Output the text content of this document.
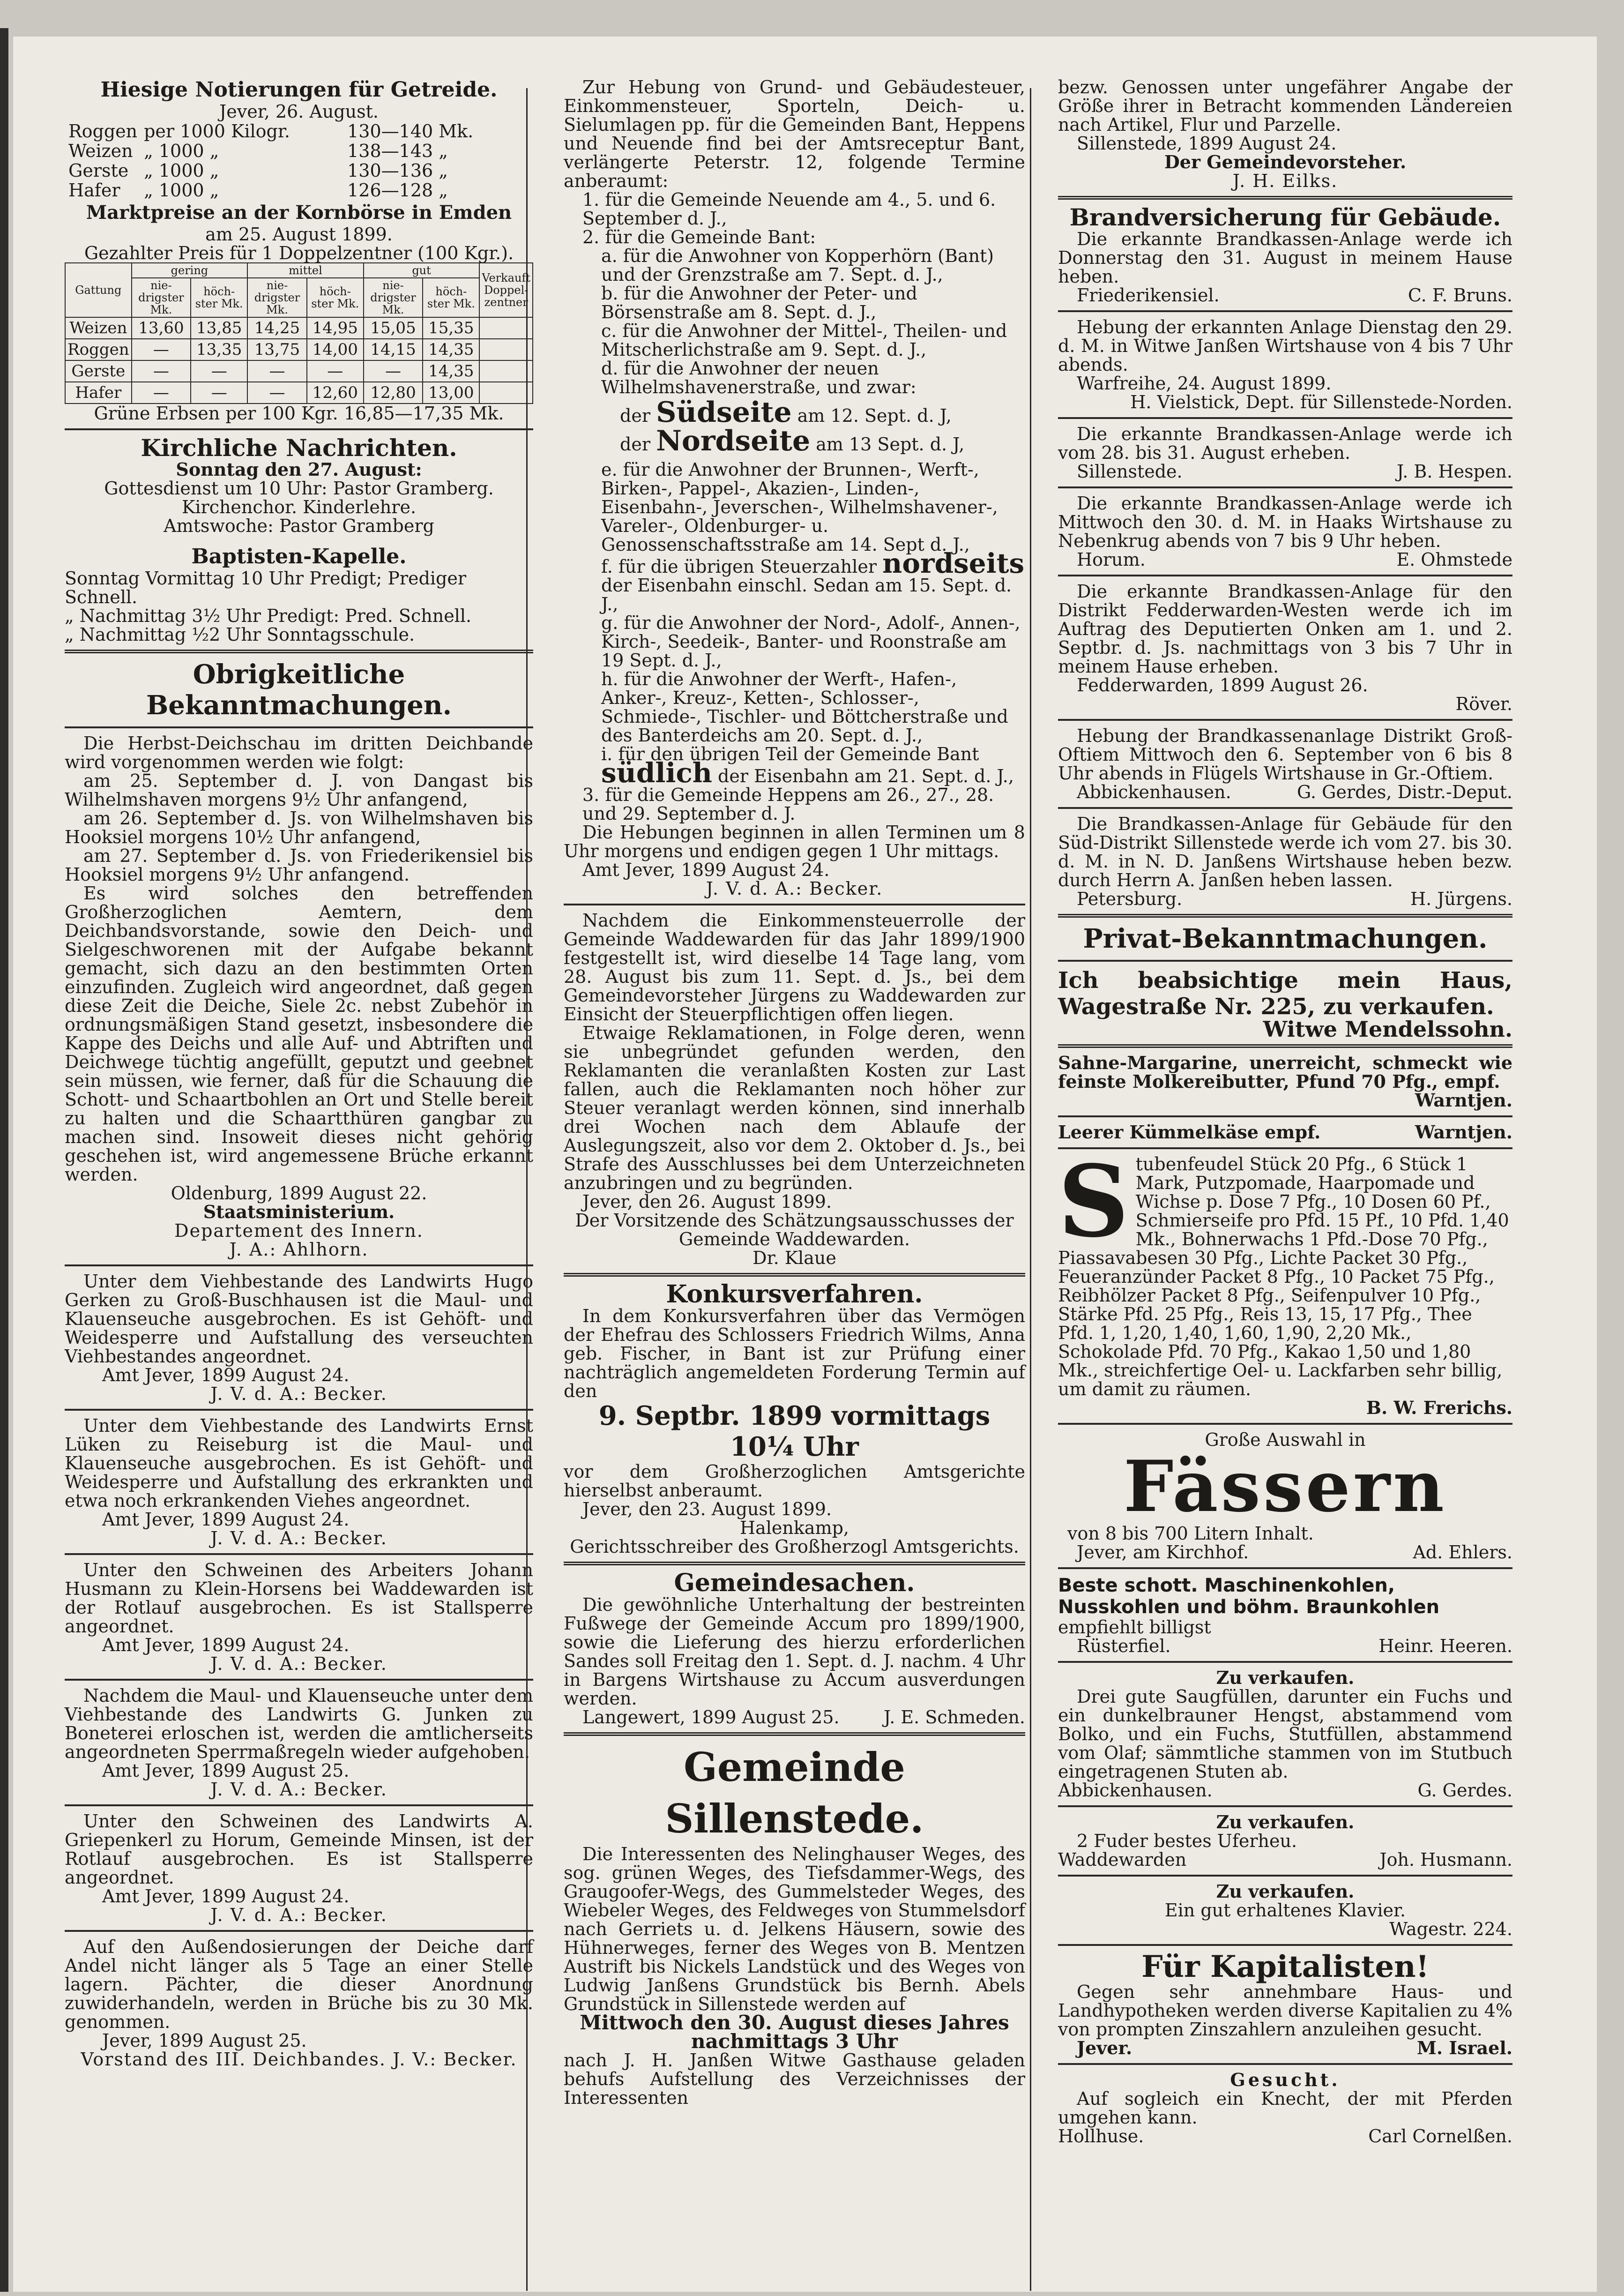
Hiesige Notierungen für Getreide.
Jever, 26. August.
Roggen	per 1000 Kilogr.	130—140 Mk.
Weizen	„ 1000 „	138—143 „
Gerste	„ 1000 „	130—136 „
Hafer	„ 1000 „	126—128 „
Marktpreise an der Kornbörse in Emden
am 25. August 1899.
Gezahlter Preis für 1 Doppelzentner (100 Kgr.).
Gattung	gering		mittel		gut		Verkauft Doppel-zentner
	nie-drigster Mk.	höch-ster Mk.	nie-drigster Mk.	höch-ster Mk.	nie-drigster Mk.	höch-ster Mk.	
Weizen	13,60	13,85	14,25	14,95	15,05	15,35	
Roggen	—	13,35	13,75	14,00	14,15	14,35	
Gerste	—	—	—	—	—	14,35	
Hafer	—	—	—	12,60	12,80	13,00	
Grüne Erbsen per 100 Kgr. 16,85—17,35 Mk.
Kirchliche Nachrichten.
Sonntag den 27. August:
Gottesdienst um 10 Uhr: Pastor Gramberg.
Kirchenchor. Kinderlehre.
Amtswoche: Pastor Gramberg
Baptisten-Kapelle.
Sonntag Vormittag 10 Uhr Predigt; Prediger Schnell.
„ Nachmittag 3½ Uhr Predigt: Pred. Schnell.
„ Nachmittag ½2 Uhr Sonntagsschule.
Obrigkeitliche Bekanntmachungen.

Die Herbst-Deichschau im dritten Deichbande wird vorgenommen werden wie folgt:

am 25. September d. J. von Dangast bis Wilhelmshaven morgens 9½ Uhr anfangend,

am 26. September d. Js. von Wilhelmshaven bis Hooksiel morgens 10½ Uhr anfangend,

am 27. September d. Js. von Friederikensiel bis Hooksiel morgens 9½ Uhr anfangend.

Es wird solches den betreffenden Großherzoglichen Aemtern, dem Deichbandsvorstande, sowie den Deich- und Sielgeschworenen mit der Aufgabe bekannt gemacht, sich dazu an den bestimmten Orten einzufinden. Zugleich wird angeordnet, daß gegen diese Zeit die Deiche, Siele 2c. nebst Zubehör in ordnungsmäßigen Stand gesetzt, insbesondere die Kappe des Deichs und alle Auf- und Abtriften und Deichwege tüchtig angefüllt, geputzt und geebnet sein müssen, wie ferner, daß für die Schauung die Schott- und Schaartbohlen an Ort und Stelle bereit zu halten und die Schaartthüren gangbar zu machen sind. Insoweit dieses nicht gehörig geschehen ist, wird angemessene Brüche erkannt werden.

Oldenburg, 1899 August 22.
Staatsministerium.
Departement des Innern.
J. A.: Ahlhorn.

Unter dem Viehbestande des Landwirts Hugo Gerken zu Groß-Buschhausen ist die Maul- und Klauenseuche ausgebrochen. Es ist Gehöft- und Weidesperre und Aufstallung des verseuchten Viehbestandes angeordnet.

Amt Jever, 1899 August 24.
J. V. d. A.: Becker.

Unter dem Viehbestande des Landwirts Ernst Lüken zu Reiseburg ist die Maul- und Klauenseuche ausgebrochen. Es ist Gehöft- und Weidesperre und Aufstallung des erkrankten und etwa noch erkrankenden Viehes angeordnet.

Amt Jever, 1899 August 24.
J. V. d. A.: Becker.

Unter den Schweinen des Arbeiters Johann Husmann zu Klein-Horsens bei Waddewarden ist der Rotlauf ausgebrochen. Es ist Stallsperre angeordnet.

Amt Jever, 1899 August 24.
J. V. d. A.: Becker.

Nachdem die Maul- und Klauenseuche unter dem Viehbestande des Landwirts G. Junken zu Boneterei erloschen ist, werden die amtlicherseits angeordneten Sperrmaßregeln wieder aufgehoben.

Amt Jever, 1899 August 25.
J. V. d. A.: Becker.

Unter den Schweinen des Landwirts A. Griepenkerl zu Horum, Gemeinde Minsen, ist der Rotlauf ausgebrochen. Es ist Stallsperre angeordnet.

Amt Jever, 1899 August 24.
J. V. d. A.: Becker.

Auf den Außendosierungen der Deiche darf Andel nicht länger als 5 Tage an einer Stelle lagern. Pächter, die dieser Anordnung zuwiderhandeln, werden in Brüche bis zu 30 Mk. genommen.

Jever, 1899 August 25.
Vorstand des III. Deichbandes. J. V.: Becker.

Zur Hebung von Grund- und Gebäudesteuer, Einkommensteuer, Sporteln, Deich- u. Sielumlagen pp. für die Gemeinden Bant, Heppens und Neuende find bei der Amtsreceptur Bant, verlängerte Peterstr. 12, folgende Termine anberaumt:

1. für die Gemeinde Neuende am 4., 5. und 6. September d. J.,
2. für die Gemeinde Bant:
a. für die Anwohner von Kopperhörn (Bant) und der Grenzstraße am 7. Sept. d. J.,
b. für die Anwohner der Peter- und Börsenstraße am 8. Sept. d. J.,
c. für die Anwohner der Mittel-, Theilen- und Mitscherlichstraße am 9. Sept. d. J.,
d. für die Anwohner der neuen Wilhelmshavenerstraße, und zwar:
der Südseite am 12. Sept. d. J,
der Nordseite am 13 Sept. d. J,
e. für die Anwohner der Brunnen-, Werft-, Birken-, Pappel-, Akazien-, Linden-, Eisenbahn-, Jeverschen-, Wilhelmshavener-, Vareler-, Oldenburger- u. Genossenschaftsstraße am 14. Sept d. J.,
f. für die übrigen Steuerzahler nordseits der Eisenbahn einschl. Sedan am 15. Sept. d. J.,
g. für die Anwohner der Nord-, Adolf-, Annen-, Kirch-, Seedeik-, Banter- und Roonstraße am 19 Sept. d. J.,
h. für die Anwohner der Werft-, Hafen-, Anker-, Kreuz-, Ketten-, Schlosser-, Schmiede-, Tischler- und Böttcherstraße und des Banterdeichs am 20. Sept. d. J.,
i. für den übrigen Teil der Gemeinde Bant südlich der Eisenbahn am 21. Sept. d. J.,
3. für die Gemeinde Heppens am 26., 27., 28. und 29. September d. J.

Die Hebungen beginnen in allen Terminen um 8 Uhr morgens und endigen gegen 1 Uhr mittags.

Amt Jever, 1899 August 24.
J. V. d. A.: Becker.

Nachdem die Einkommensteuerrolle der Gemeinde Waddewarden für das Jahr 1899/1900 festgestellt ist, wird dieselbe 14 Tage lang, vom 28. August bis zum 11. Sept. d. Js., bei dem Gemeindevorsteher Jürgens zu Waddewarden zur Einsicht der Steuerpflichtigen offen liegen.

Etwaige Reklamationen, in Folge deren, wenn sie unbegründet gefunden werden, den Reklamanten die veranlaßten Kosten zur Last fallen, auch die Reklamanten noch höher zur Steuer veranlagt werden können, sind innerhalb drei Wochen nach dem Ablaufe der Auslegungszeit, also vor dem 2. Oktober d. Js., bei Strafe des Ausschlusses bei dem Unterzeichneten anzubringen und zu begründen.

Jever, den 26. August 1899.
Der Vorsitzende des Schätzungsausschusses der Gemeinde Waddewarden.
Dr. Klaue
Konkursverfahren.

In dem Konkursverfahren über das Vermögen der Ehefrau des Schlossers Friedrich Wilms, Anna geb. Fischer, in Bant ist zur Prüfung einer nachträglich angemeldeten Forderung Termin auf den

9. Septbr. 1899 vormittags 10¼ Uhr

vor dem Großherzoglichen Amtsgerichte hierselbst anberaumt.

Jever, den 23. August 1899.
Halenkamp,
Gerichtsschreiber des Großherzogl Amtsgerichts.
Gemeindesachen.

Die gewöhnliche Unterhaltung der bestreinten Fußwege der Gemeinde Accum pro 1899/1900, sowie die Lieferung des hierzu erforderlichen Sandes soll Freitag den 1. Sept. d. J. nachm. 4 Uhr in Bargens Wirtshause zu Accum ausverdungen werden.

Langewert, 1899 August 25. J. E. Schmeden.
Gemeinde Sillenstede.

Die Interessenten des Nelinghauser Weges, des sog. grünen Weges, des Tiefsdammer-Wegs, des Graugoofer-Wegs, des Gummelsteder Weges, des Wiebeler Weges, des Feldweges von Stummelsdorf nach Gerriets u. d. Jelkens Häusern, sowie des Hühnerweges, ferner des Weges von B. Mentzen Austrift bis Nickels Landstück und des Weges von Ludwig Janßens Grundstück bis Bernh. Abels Grundstück in Sillenstede werden auf

Mittwoch den 30. August dieses Jahres nachmittags 3 Uhr

nach J. H. Janßen Witwe Gasthause geladen behufs Aufstellung des Verzeichnisses der Interessenten

bezw. Genossen unter ungefährer Angabe der Größe ihrer in Betracht kommenden Ländereien nach Artikel, Flur und Parzelle.

Sillenstede, 1899 August 24.
Der Gemeindevorsteher.
J. H. Eilks.
Brandversicherung für Gebäude.

Die erkannte Brandkassen-Anlage werde ich Donnerstag den 31. August in meinem Hause heben.

Friederikensiel.	C. F. Bruns.

Hebung der erkannten Anlage Dienstag den 29. d. M. in Witwe Janßen Wirtshause von 4 bis 7 Uhr abends.

Warfreihe, 24. August 1899.
H. Vielstick, Dept. für Sillenstede-Norden.

Die erkannte Brandkassen-Anlage werde ich vom 28. bis 31. August erheben.

Sillenstede.	J. B. Hespen.

Die erkannte Brandkassen-Anlage werde ich Mittwoch den 30. d. M. in Haaks Wirtshause zu Nebenkrug abends von 7 bis 9 Uhr heben.

Horum.	E. Ohmstede

Die erkannte Brandkassen-Anlage für den Distrikt Fedderwarden-Westen werde ich im Auftrag des Deputierten Onken am 1. und 2. Septbr. d. Js. nachmittags von 3 bis 7 Uhr in meinem Hause erheben.

Fedderwarden, 1899 August 26.
Röver.

Hebung der Brandkassenanlage Distrikt Groß-Oftiem Mittwoch den 6. September von 6 bis 8 Uhr abends in Flügels Wirtshause in Gr.-Oftiem.

Abbickenhausen.	G. Gerdes, Distr.-Deput.

Die Brandkassen-Anlage für Gebäude für den Süd-Distrikt Sillenstede werde ich vom 27. bis 30. d. M. in N. D. Janßens Wirtshause heben bezw. durch Herrn A. Janßen heben lassen.

Petersburg.	H. Jürgens.
Privat-Bekanntmachungen.

Ich beabsichtige mein Haus, Wagestraße Nr. 225, zu verkaufen.

Witwe Mendelssohn.

Sahne-Margarine, unerreicht, schmeckt wie feinste Molkereibutter, Pfund 70 Pfg., empf.

Warntjen.
Leerer Kümmelkäse empf.	Warntjen.
Stubenfeudel Stück 20 Pfg., 6 Stück 1 Mark, Putzpomade, Haarpomade und Wichse p. Dose 7 Pfg., 10 Dosen 60 Pf., Schmierseife pro Pfd. 15 Pf., 10 Pfd. 1,40 Mk., Bohnerwachs 1 Pfd.-Dose 70 Pfg., Piassavabesen 30 Pfg., Lichte Packet 30 Pfg., Feueranzünder Packet 8 Pfg., 10 Packet 75 Pfg., Reibhölzer Packet 8 Pfg., Seifenpulver 10 Pfg., Stärke Pfd. 25 Pfg., Reis 13, 15, 17 Pfg., Thee Pfd. 1, 1,20, 1,40, 1,60, 1,90, 2,20 Mk., Schokolade Pfd. 70 Pfg., Kakao 1,50 und 1,80 Mk., streichfertige Oel- u. Lackfarben sehr billig, um damit zu räumen.
B. W. Frerichs.
Große Auswahl in
Fässern
von 8 bis 700 Litern Inhalt.
Jever, am Kirchhof.	Ad. Ehlers.
Beste schott. Maschinenkohlen, Nusskohlen und böhm. Braunkohlen
empfiehlt billigst
Rüsterfiel.	Heinr. Heeren.
Zu verkaufen.

Drei gute Saugfüllen, darunter ein Fuchs und ein dunkelbrauner Hengst, abstammend vom Bolko, und ein Fuchs, Stutfüllen, abstammend vom Olaf; sämmtliche stammen von im Stutbuch eingetragenen Stuten ab.

Abbickenhausen.	G. Gerdes.
Zu verkaufen.
2 Fuder bestes Uferheu.
Waddewarden	Joh. Husmann.
Zu verkaufen.
Ein gut erhaltenes Klavier.
Wagestr. 224.
Für Kapitalisten!

Gegen sehr annehmbare Haus- und Landhypotheken werden diverse Kapitalien zu 4% von prompten Zinszahlern anzuleihen gesucht.

Jever.	M. Israel.
Gesucht.

Auf sogleich ein Knecht, der mit Pferden umgehen kann.

Hollhuse.	Carl Cornelßen.
